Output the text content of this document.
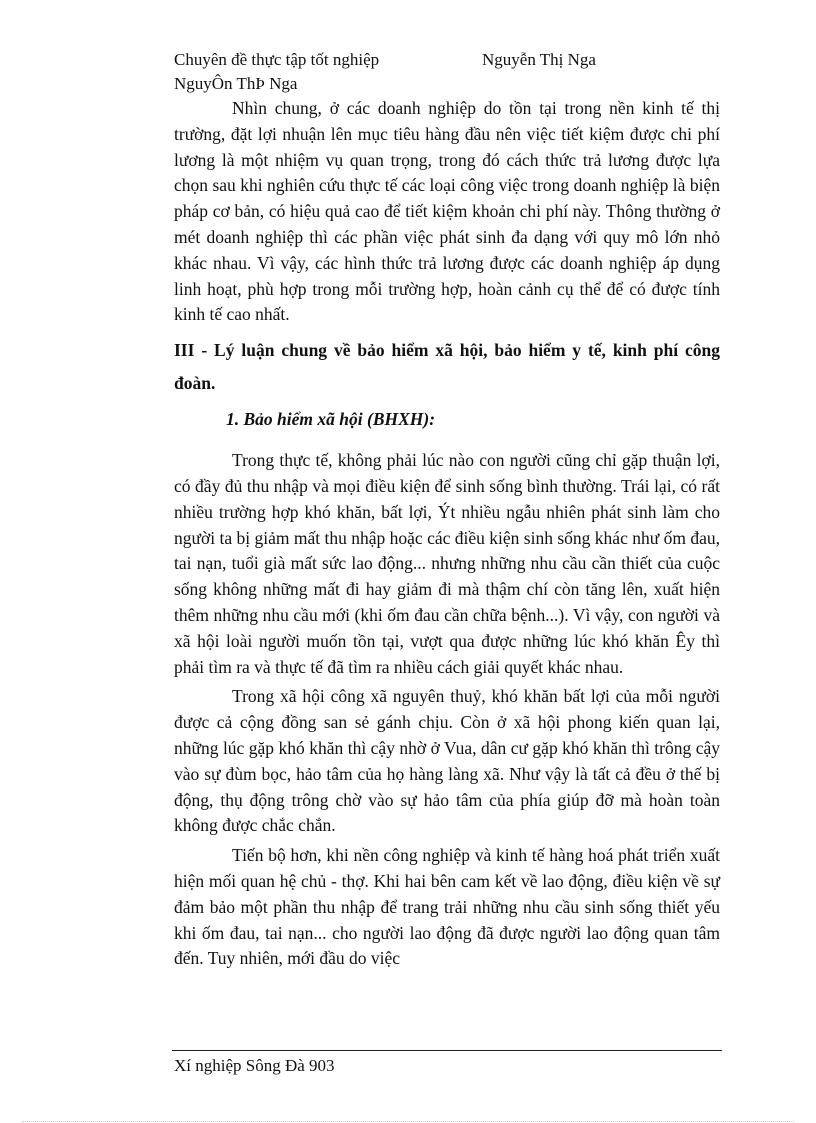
Chuyên đề thực tập tốt nghiệp	Nguyễn Thị Nga
NguyÔn ThÞ Nga

Nhìn chung, ở các doanh nghiệp do tồn tại trong nền kinh tế thị trường, đặt lợi nhuận lên mục tiêu hàng đầu nên việc tiết kiệm được chi phí lương là một nhiệm vụ quan trọng, trong đó cách thức trả lương được lựa chọn sau khi nghiên cứu thực tế các loại công việc trong doanh nghiệp là biện pháp cơ bản, có hiệu quả cao để tiết kiệm khoản chi phí này. Thông thường ở mét doanh nghiệp thì các phần việc phát sinh đa dạng với quy mô lớn nhỏ khác nhau. Vì vậy, các hình thức trả lương được các doanh nghiệp áp dụng linh hoạt, phù hợp trong mỗi trường hợp, hoàn cảnh cụ thể để có được tính kinh tế cao nhất.

III - Lý luận chung về bảo hiểm xã hội, bảo hiểm y tế, kinh phí công đoàn.

1. Bảo hiểm xã hội (BHXH):

Trong thực tế, không phải lúc nào con người cũng chỉ gặp thuận lợi, có đầy đủ thu nhập và mọi điều kiện để sinh sống bình thường. Trái lại, có rất nhiều trường hợp khó khăn, bất lợi, Ýt nhiều ngẫu nhiên phát sinh làm cho người ta bị giảm mất thu nhập hoặc các điều kiện sinh sống khác như ốm đau, tai nạn, tuổi già mất sức lao động... nhưng những nhu cầu cần thiết của cuộc sống không những mất đi hay giảm đi mà thậm chí còn tăng lên, xuất hiện thêm những nhu cầu mới (khi ốm đau cần chữa bệnh...). Vì vậy, con người và xã hội loài người muốn tồn tại, vượt qua được những lúc khó khăn Êy thì phải tìm ra và thực tế đã tìm ra nhiều cách giải quyết khác nhau.

Trong xã hội công xã nguyên thuỷ, khó khăn bất lợi của mỗi người được cả cộng đồng san sẻ gánh chịu. Còn ở xã hội phong kiến quan lại, những lúc gặp khó khăn thì cậy nhờ ở Vua, dân cư gặp khó khăn thì trông cậy vào sự đùm bọc, hảo tâm của họ hàng làng xã. Như vậy là tất cả đều ở thế bị động, thụ động trông chờ vào sự hảo tâm của phía giúp đỡ mà hoàn toàn không được chắc chắn.

Tiến bộ hơn, khi nền công nghiệp và kinh tế hàng hoá phát triển xuất hiện mối quan hệ chủ - thợ. Khi hai bên cam kết về lao động, điều kiện về sự đảm bảo một phần thu nhập để trang trải những nhu cầu sinh sống thiết yếu khi ốm đau, tai nạn... cho người lao động đã được người lao động quan tâm đến. Tuy nhiên, mới đầu do việc

Xí nghiệp Sông Đà 903
